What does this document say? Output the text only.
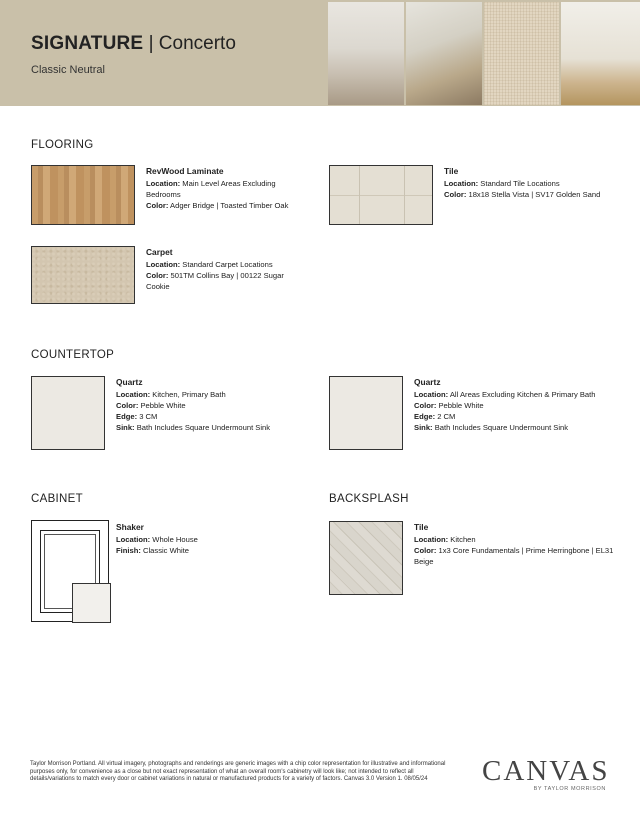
SIGNATURE | Concerto
Classic Neutral
FLOORING
RevWood Laminate
Location: Main Level Areas Excluding Bedrooms
Color: Adger Bridge | Toasted Timber Oak
Tile
Location: Standard Tile Locations
Color: 18x18 Stella Vista | SV17 Golden Sand
Carpet
Location: Standard Carpet Locations
Color: 501TM Collins Bay | 00122 Sugar Cookie
COUNTERTOP
Quartz
Location: Kitchen, Primary Bath
Color: Pebble White
Edge: 3 CM
Sink: Bath Includes Square Undermount Sink
Quartz
Location: All Areas Excluding Kitchen & Primary Bath
Color: Pebble White
Edge: 2 CM
Sink: Bath Includes Square Undermount Sink
CABINET
Shaker
Location: Whole House
Finish: Classic White
BACKSPLASH
Tile
Location: Kitchen
Color: 1x3 Core Fundamentals | Prime Herringbone | EL31 Beige
Taylor Morrison Portland. All virtual imagery, photographs and renderings are generic images with a chip color representation for illustrative and informational purposes only, for convenience as a close but not exact representation of what an overall room's cabinetry will look like; not intended to reflect all details/variations to match every door or cabinet variations in natural or manufactured products for a variety of factors. Canvas 3.0 Version 1. 08/05/24	CANVAS
BY TAYLOR MORRISON
